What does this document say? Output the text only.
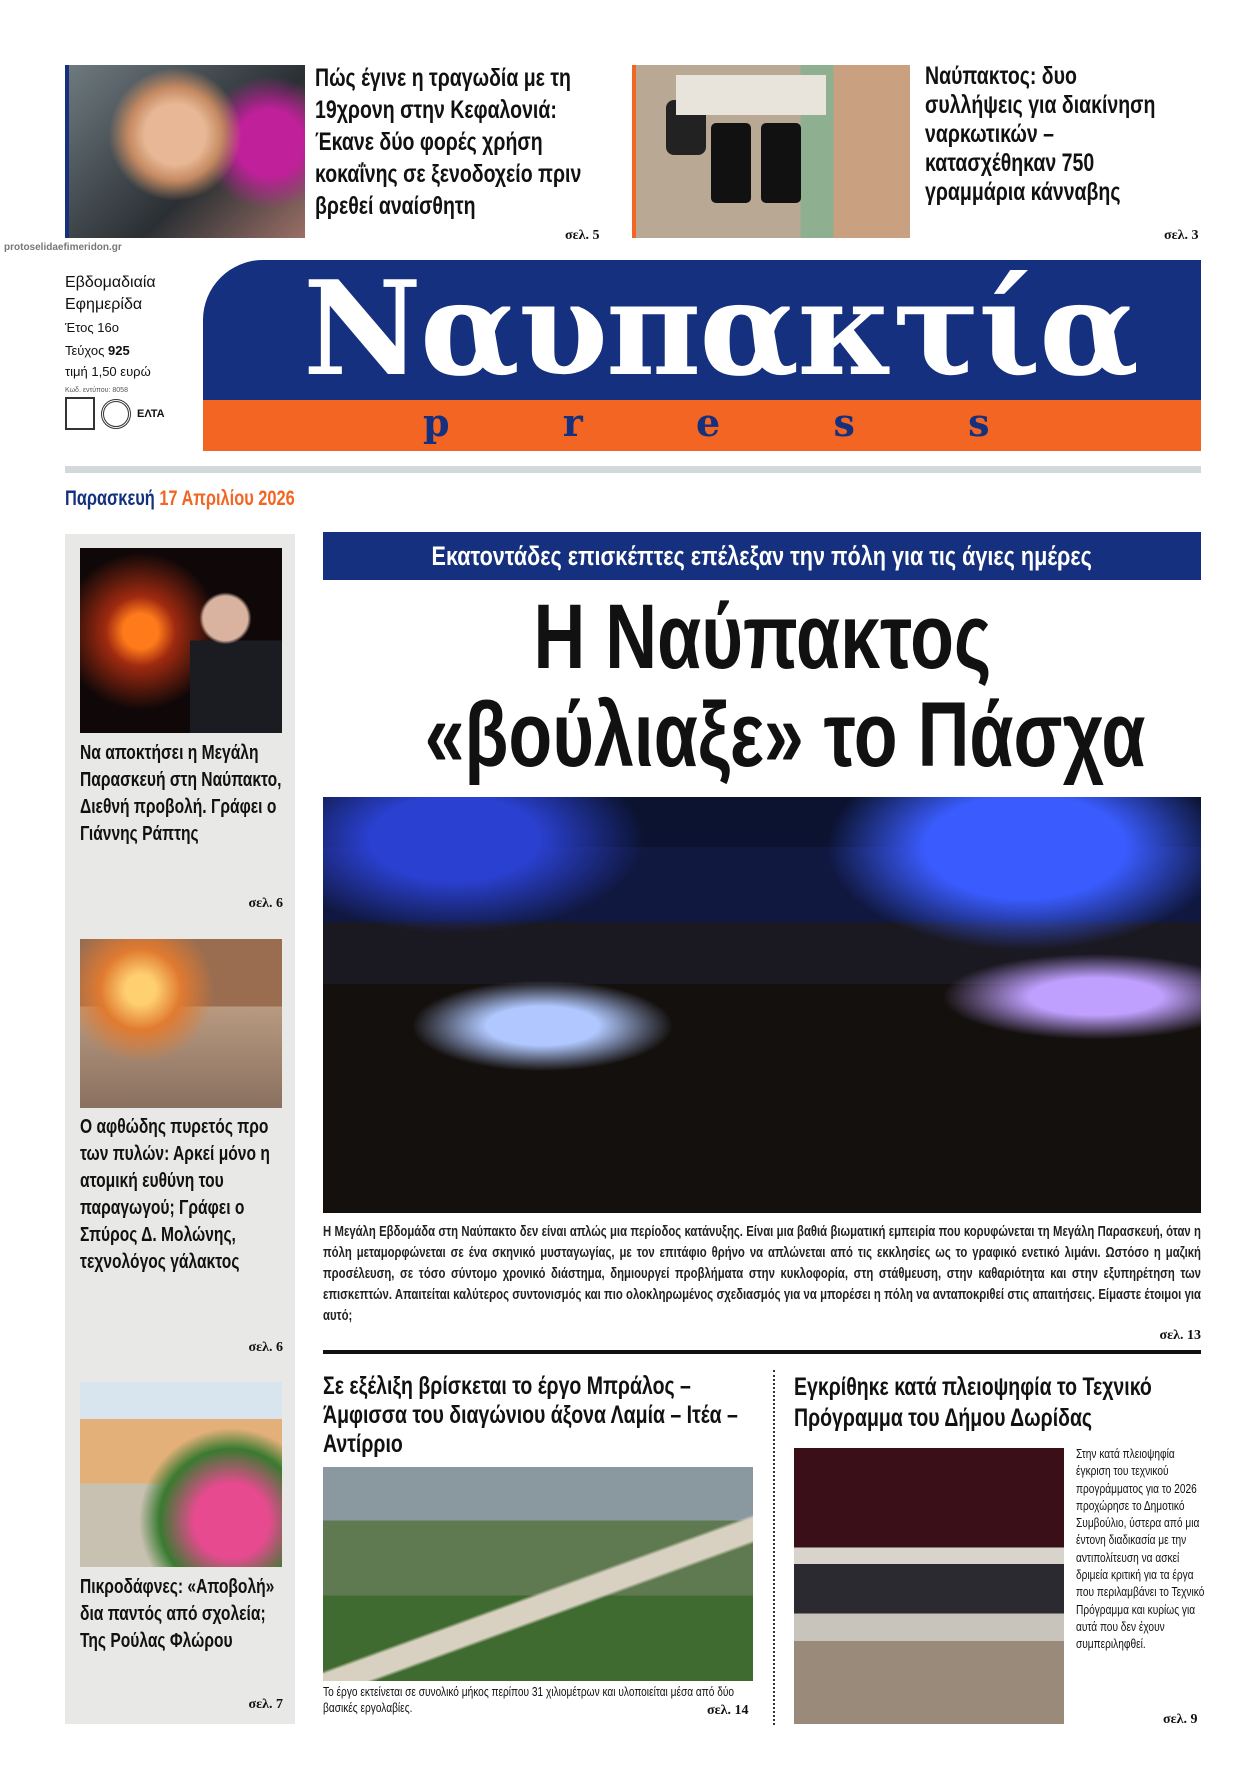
Πώς έγινε η τραγωδία με τη 19χρονη στην Κεφαλονιά: Έκανε δύο φορές χρήση κοκαΐνης σε ξενοδοχείο πριν βρεθεί αναίσθητη
σελ. 5
Ναύπακτος: δυο συλλήψεις για διακίνηση ναρκωτικών – κατασχέθηκαν 750 γραμμάρια κάνναβης
σελ. 3
protoselidaefimeridon.gr
Εβδομαδιαία
Εφημερίδα
Έτος 16ο
Τεύχος 925
τιμή 1,50 ευρώ
Κωδ. εντύπου: 8058
ΕΛΤΑ
Ναυπακτία
p r e s s
Παρασκευή 17 Απριλίου 2026
Να αποκτήσει η Μεγάλη Παρασκευή στη Ναύπακτο, Διεθνή προβολή. Γράφει ο Γιάννης Ράπτης
σελ. 6
Ο αφθώδης πυρετός προ των πυλών: Αρκεί μόνο η ατομική ευθύνη του παραγωγού; Γράφει ο Σπύρος Δ. Μολώνης, τεχνολόγος γάλακτος
σελ. 6
Πικροδάφνες: «Αποβολή» δια παντός από σχολεία; Της Ρούλας Φλώρου
σελ. 7
Εκατοντάδες επισκέπτες επέλεξαν την πόλη για τις άγιες ημέρες
Η Ναύπακτος
«βούλιαξε» το Πάσχα
Η Μεγάλη Εβδομάδα στη Ναύπακτο δεν είναι απλώς μια περίοδος κατάνυξης. Είναι μια βαθιά βιωματική εμπειρία που κορυφώνεται τη Μεγάλη Παρασκευή, όταν η πόλη μεταμορφώνεται σε ένα σκηνικό μυσταγωγίας, με τον επιτάφιο θρήνο να απλώνεται από τις εκκλησίες ως το γραφικό ενετικό λιμάνι. Ωστόσο η μαζική προσέλευση, σε τόσο σύντομο χρονικό διάστημα, δημιουργεί προβλήματα στην κυκλοφορία, στη στάθμευση, στην καθαριότητα και στην εξυπηρέτηση των επισκεπτών. Απαιτείται καλύτερος συντονισμός και πιο ολοκληρωμένος σχεδιασμός για να μπορέσει η πόλη να ανταποκριθεί στις απαιτήσεις. Είμαστε έτοιμοι για αυτό;
σελ. 13
Σε εξέλιξη βρίσκεται το έργο Μπράλος – Άμφισσα του διαγώνιου άξονα Λαμία – Ιτέα – Αντίρριο
Το έργο εκτείνεται σε συνολικό μήκος περίπου 31 χιλιομέτρων και υλοποιείται μέσα από δύο βασικές εργολαβίες.	σελ. 14
Εγκρίθηκε κατά πλειοψηφία το Τεχνικό Πρόγραμμα του Δήμου Δωρίδας
Στην κατά πλειοψηφία έγκριση του τεχνικού προγράμματος για το 2026 προχώρησε το Δημοτικό Συμβούλιο, ύστερα από μια έντονη διαδικασία με την αντιπολίτευση να ασκεί δριμεία κριτική για τα έργα που περιλαμβάνει το Τεχνικό Πρόγραμμα και κυρίως για αυτά που δεν έχουν συμπεριληφθεί.
σελ. 9
